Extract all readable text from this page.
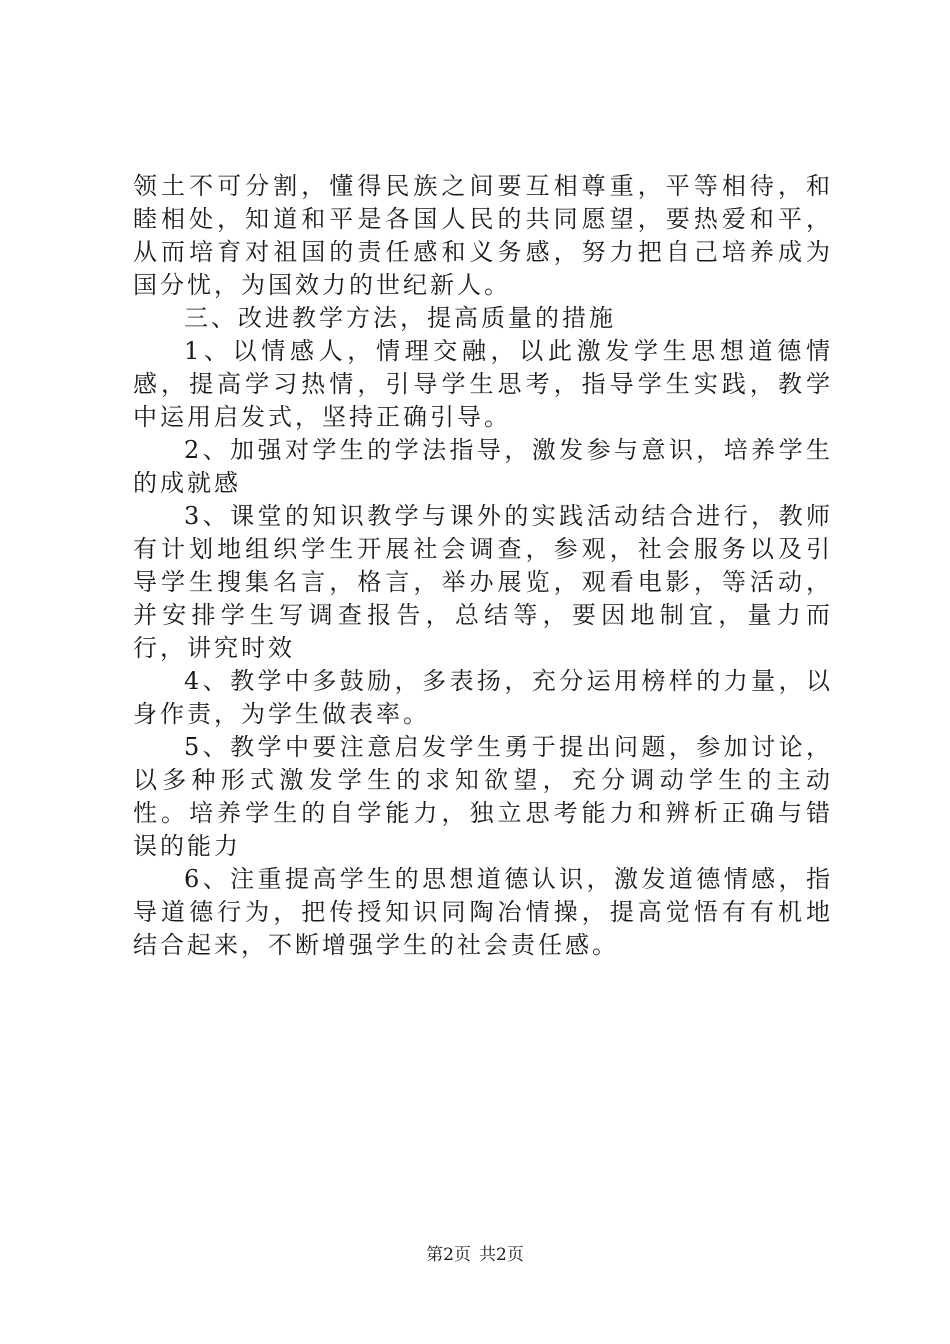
领土不可分割，懂得民族之间要互相尊重，平等相待，和睦相处，知道和平是各国人民的共同愿望，要热爱和平，从而培育对祖国的责任感和义务感，努力把自己培养成为国分忧，为国效力的世纪新人。

三、改进教学方法，提高质量的措施

1、以情感人，情理交融，以此激发学生思想道德情感，提高学习热情，引导学生思考，指导学生实践，教学中运用启发式，坚持正确引导。

2、加强对学生的学法指导，激发参与意识，培养学生的成就感

3、课堂的知识教学与课外的实践活动结合进行，教师有计划地组织学生开展社会调查，参观，社会服务以及引导学生搜集名言，格言，举办展览，观看电影，等活动，并安排学生写调查报告，总结等，要因地制宜，量力而行，讲究时效

4、教学中多鼓励，多表扬，充分运用榜样的力量，以身作责，为学生做表率。

5、教学中要注意启发学生勇于提出问题，参加讨论，以多种形式激发学生的求知欲望，充分调动学生的主动性。培养学生的自学能力，独立思考能力和辨析正确与错误的能力

6、注重提高学生的思想道德认识，激发道德情感，指导道德行为，把传授知识同陶冶情操，提高觉悟有有机地结合起来，不断增强学生的社会责任感。

第2页 共2页
